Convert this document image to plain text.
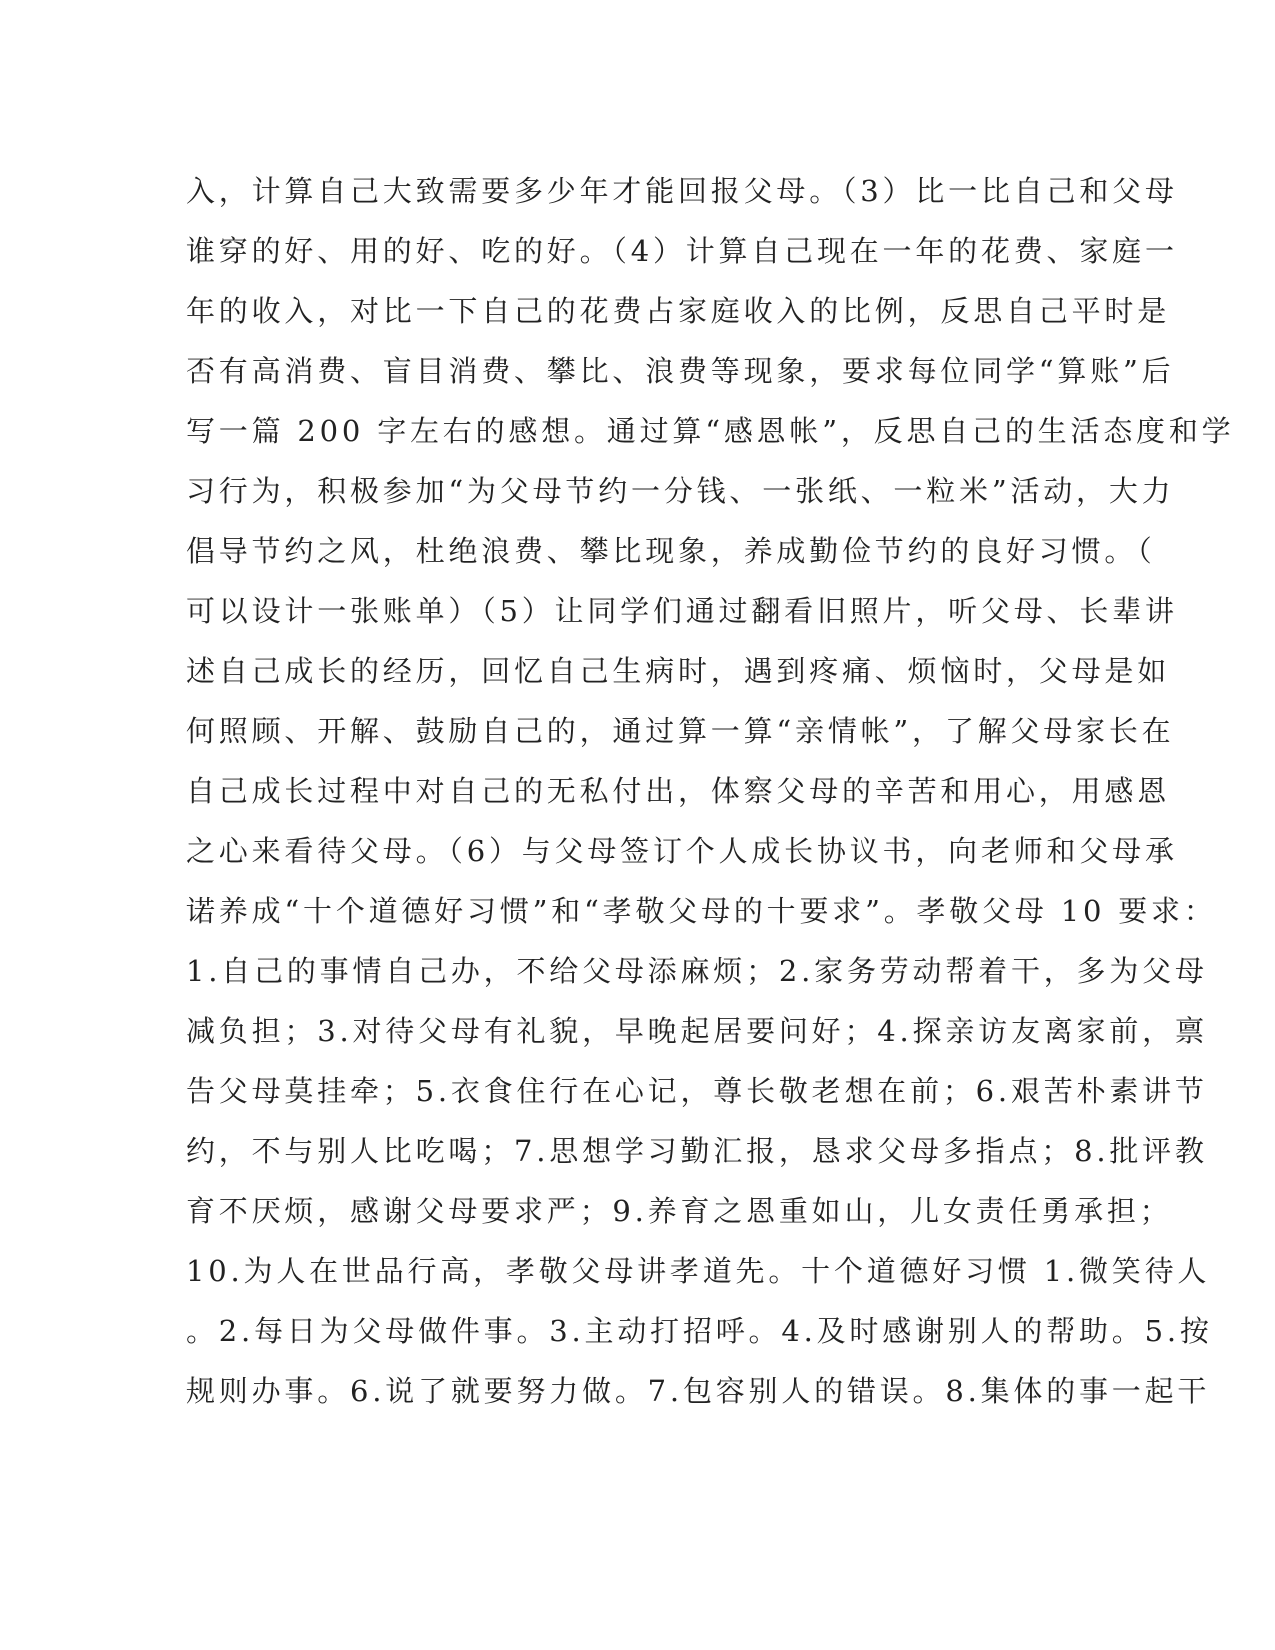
入，计算自己大致需要多少年才能回报父母。（3）比一比自己和父母
谁穿的好、用的好、吃的好。（4）计算自己现在一年的花费、家庭一
年的收入，对比一下自己的花费占家庭收入的比例，反思自己平时是
否有高消费、盲目消费、攀比、浪费等现象，要求每位同学“算账”后
写一篇 200 字左右的感想。通过算“感恩帐”，反思自己的生活态度和学
习行为，积极参加“为父母节约一分钱、一张纸、一粒米”活动，大力
倡导节约之风，杜绝浪费、攀比现象，养成勤俭节约的良好习惯。（
可以设计一张账单）（5）让同学们通过翻看旧照片，听父母、长辈讲
述自己成长的经历，回忆自己生病时，遇到疼痛、烦恼时，父母是如
何照顾、开解、鼓励自己的，通过算一算“亲情帐”，了解父母家长在
自己成长过程中对自己的无私付出，体察父母的辛苦和用心，用感恩
之心来看待父母。（6）与父母签订个人成长协议书，向老师和父母承
诺养成“十个道德好习惯”和“孝敬父母的十要求”。孝敬父母 10 要求：
1.自己的事情自己办，不给父母添麻烦；2.家务劳动帮着干，多为父母
减负担；3.对待父母有礼貌，早晚起居要问好；4.探亲访友离家前，禀
告父母莫挂牵；5.衣食住行在心记，尊长敬老想在前；6.艰苦朴素讲节
约，不与别人比吃喝；7.思想学习勤汇报，恳求父母多指点；8.批评教
育不厌烦，感谢父母要求严；9.养育之恩重如山，儿女责任勇承担；
10.为人在世品行高，孝敬父母讲孝道先。十个道德好习惯 1.微笑待人
。2.每日为父母做件事。3.主动打招呼。4.及时感谢别人的帮助。5.按
规则办事。6.说了就要努力做。7.包容别人的错误。8.集体的事一起干
